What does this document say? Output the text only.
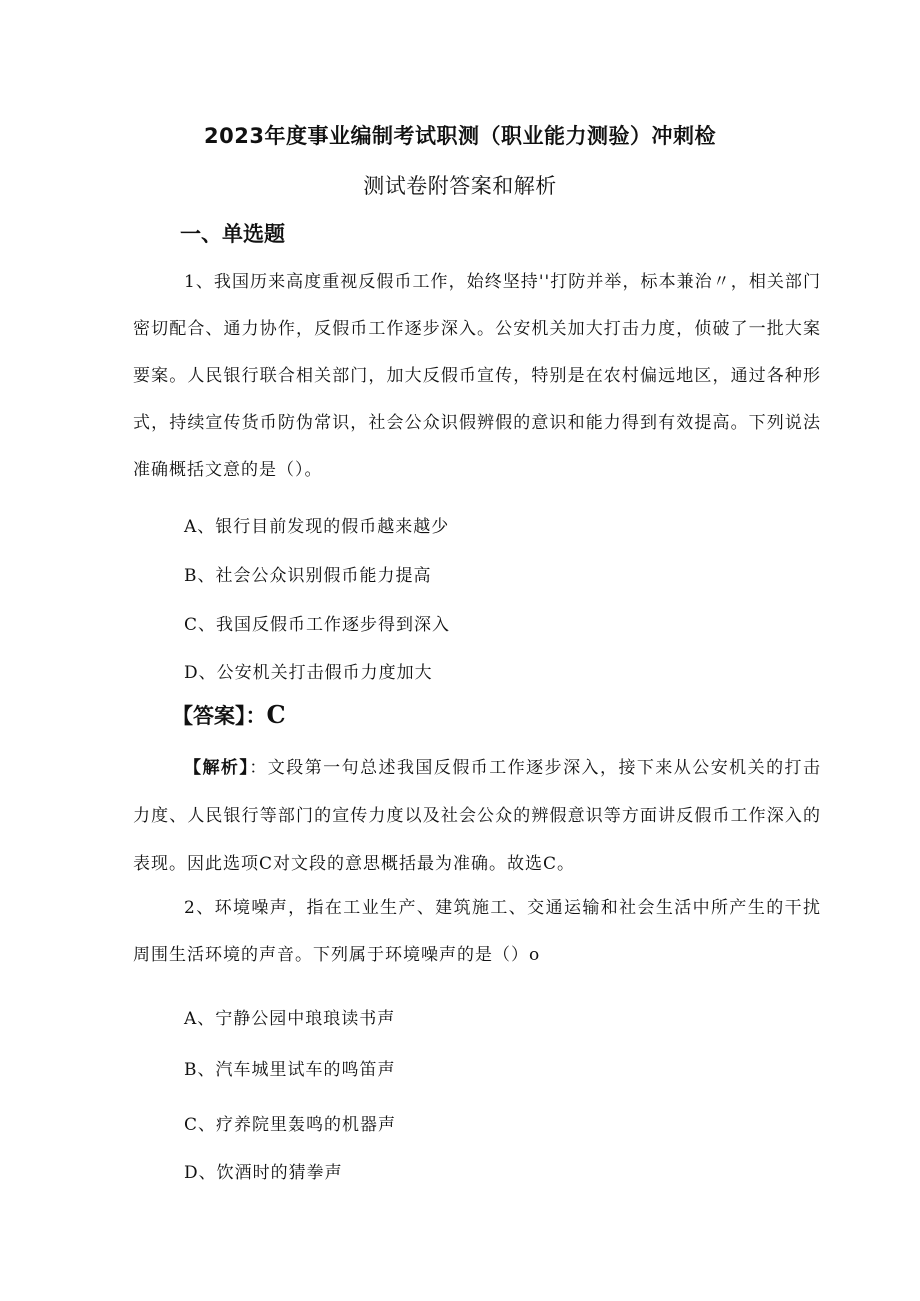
2023年度事业编制考试职测（职业能力测验）冲刺检
测试卷附答案和解析
一、单选题
1、我国历来高度重视反假币工作，始终坚持''打防并举，标本兼治〃，相关部门密切配合、通力协作，反假币工作逐步深入。公安机关加大打击力度，侦破了一批大案要案。人民银行联合相关部门，加大反假币宣传，特别是在农村偏远地区，通过各种形式，持续宣传货币防伪常识，社会公众识假辨假的意识和能力得到有效提高。下列说法准确概括文意的是（）。
A、银行目前发现的假币越来越少
B、社会公众识别假币能力提高
C、我国反假币工作逐步得到深入
D、公安机关打击假币力度加大
【答案】：C
【解析】：文段第一句总述我国反假币工作逐步深入，接下来从公安机关的打击力度、人民银行等部门的宣传力度以及社会公众的辨假意识等方面讲反假币工作深入的表现。因此选项C对文段的意思概括最为准确。故选C。
2、环境噪声，指在工业生产、建筑施工、交通运输和社会生活中所产生的干扰周围生活环境的声音。下列属于环境噪声的是（）o
A、宁静公园中琅琅读书声
B、汽车城里试车的鸣笛声
C、疗养院里轰鸣的机器声
D、饮酒时的猜拳声
